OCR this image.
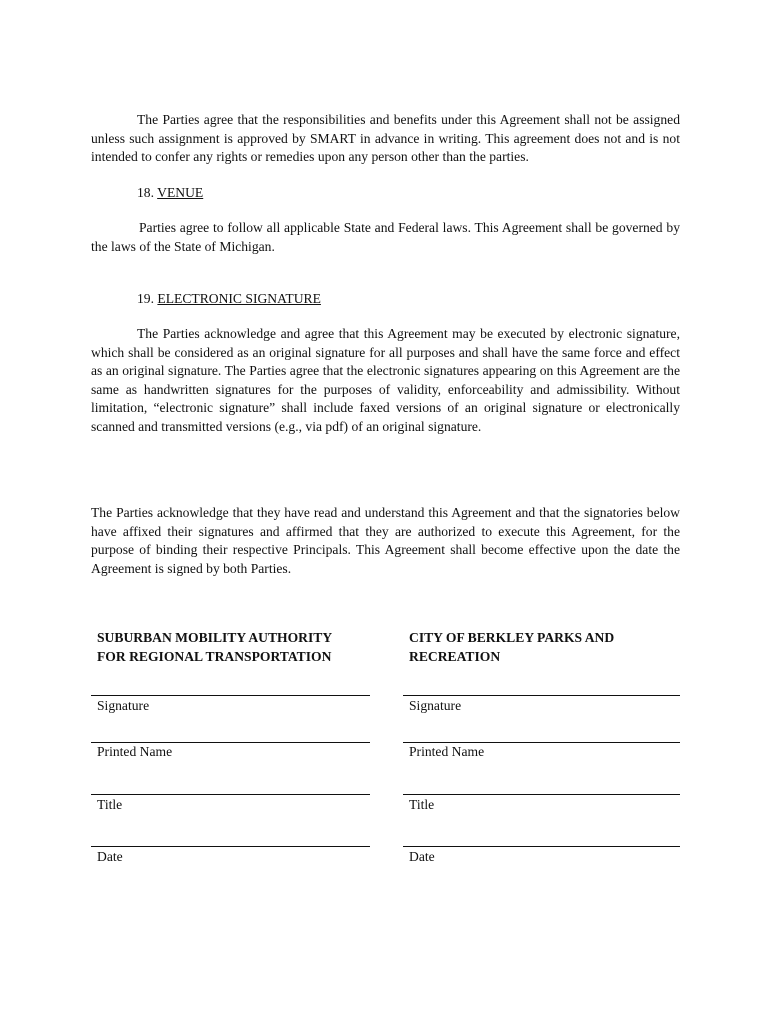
The Parties agree that the responsibilities and benefits under this Agreement shall not be assigned unless such assignment is approved by SMART in advance in writing. This agreement does not and is not intended to confer any rights or remedies upon any person other than the parties.

18. VENUE

Parties agree to follow all applicable State and Federal laws. This Agreement shall be governed by the laws of the State of Michigan.

19. ELECTRONIC SIGNATURE

The Parties acknowledge and agree that this Agreement may be executed by electronic signature, which shall be considered as an original signature for all purposes and shall have the same force and effect as an original signature. The Parties agree that the electronic signatures appearing on this Agreement are the same as handwritten signatures for the purposes of validity, enforceability and admissibility. Without limitation, “electronic signature” shall include faxed versions of an original signature or electronically scanned and transmitted versions (e.g., via pdf) of an original signature.

The Parties acknowledge that they have read and understand this Agreement and that the signatories below have affixed their signatures and affirmed that they are authorized to execute this Agreement, for the purpose of binding their respective Principals. This Agreement shall become effective upon the date the Agreement is signed by both Parties.

SUBURBAN MOBILITY AUTHORITY
FOR REGIONAL TRANSPORTATION

CITY OF BERKLEY PARKS AND
RECREATION

Signature

Printed Name

Title

Date

Signature

Printed Name

Title

Date
